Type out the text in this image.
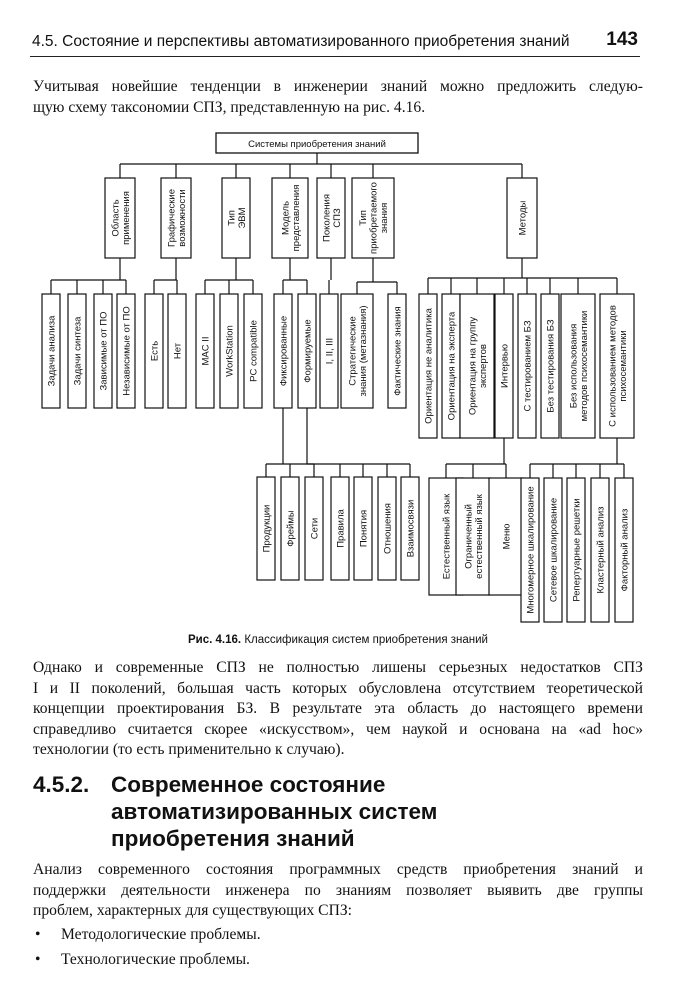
4.5. Состояние и перспективы автоматизированного приобретения знаний 143
Учитывая новейшие тенденции в инженерии знаний можно предложить следую-
щую схему таксономии СПЗ, представленную на рис. 4.16.
Системы приобретения знаний
Областьприменения	Графическиевозможности	ТипЭВМ	Модельпредставления ПоколенияСПЗ Типприобретаемогознания	Методы
Задачи анализа Задачи синтеза Зависимые от ПО Независимые от ПО Есть Нет MAC II WorkStation PC compatible Фиксированные Формируемые I, II, III Стратегическиезнания (метазнания)	Фактические знания Ориентация не аналитика Ориентация на эксперта Ориентация на группуэкспертов Интервью С тестированием БЗ Без тестирования БЗ Без использованияметодов психосемантики С использованием методовпсихосемантики
Продукции Фреймы Сети Правила Понятия Отношения Взаимосвязи	Естественный язык Ограниченныйестественный язык Меню Многомерное шкалирование Сетевое шкалирование Репертуарные решетки Кластерный анализ Факторный анализ
Рис. 4.16. Классификация систем приобретения знаний
Однако и современные СПЗ не полностью лишены серьезных недостатков СПЗ
I и II поколений, большая часть которых обусловлена отсутствием теоретической
концепции проектирования БЗ. В результате эта область до настоящего времени
справедливо считается скорее «искусством», чем наукой и основана на «ad hoc»
технологии (то есть применительно к случаю).
4.5.2. Современное состояние
автоматизированных систем
приобретения знаний
Анализ современного состояния программных средств приобретения знаний и
поддержки деятельности инженера по знаниям позволяет выявить две группы
проблем, характерных для существующих СПЗ:
• Методологические проблемы.
• Технологические проблемы.
